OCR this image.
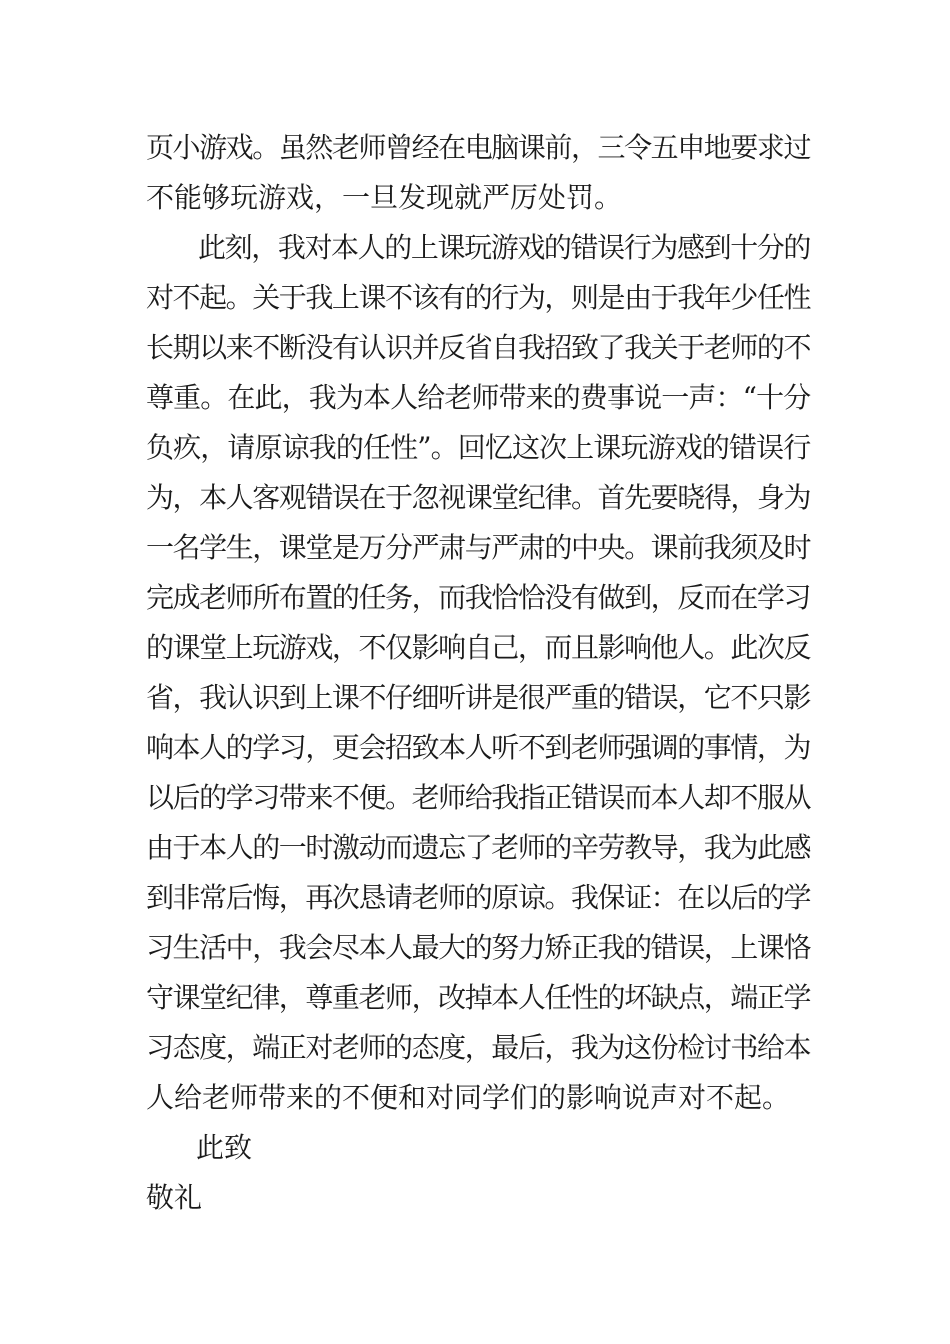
页小游戏。虽然老师曾经在电脑课前，三令五申地要求过
不能够玩游戏，一旦发现就严厉处罚。
此刻，我对本人的上课玩游戏的错误行为感到十分的
对不起。关于我上课不该有的行为，则是由于我年少任性
长期以来不断没有认识并反省自我招致了我关于老师的不
尊重。在此，我为本人给老师带来的费事说一声：“十分
负疚，请原谅我的任性”。回忆这次上课玩游戏的错误行
为，本人客观错误在于忽视课堂纪律。首先要晓得，身为
一名学生，课堂是万分严肃与严肃的中央。课前我须及时
完成老师所布置的任务，而我恰恰没有做到，反而在学习
的课堂上玩游戏，不仅影响自己，而且影响他人。此次反
省，我认识到上课不仔细听讲是很严重的错误，它不只影
响本人的学习，更会招致本人听不到老师强调的事情，为
以后的学习带来不便。老师给我指正错误而本人却不服从
由于本人的一时激动而遗忘了老师的辛劳教导，我为此感
到非常后悔，再次恳请老师的原谅。我保证：在以后的学
习生活中，我会尽本人最大的努力矫正我的错误，上课恪
守课堂纪律，尊重老师，改掉本人任性的坏缺点，端正学
习态度，端正对老师的态度，最后，我为这份检讨书给本
人给老师带来的不便和对同学们的影响说声对不起。
此致
敬礼
